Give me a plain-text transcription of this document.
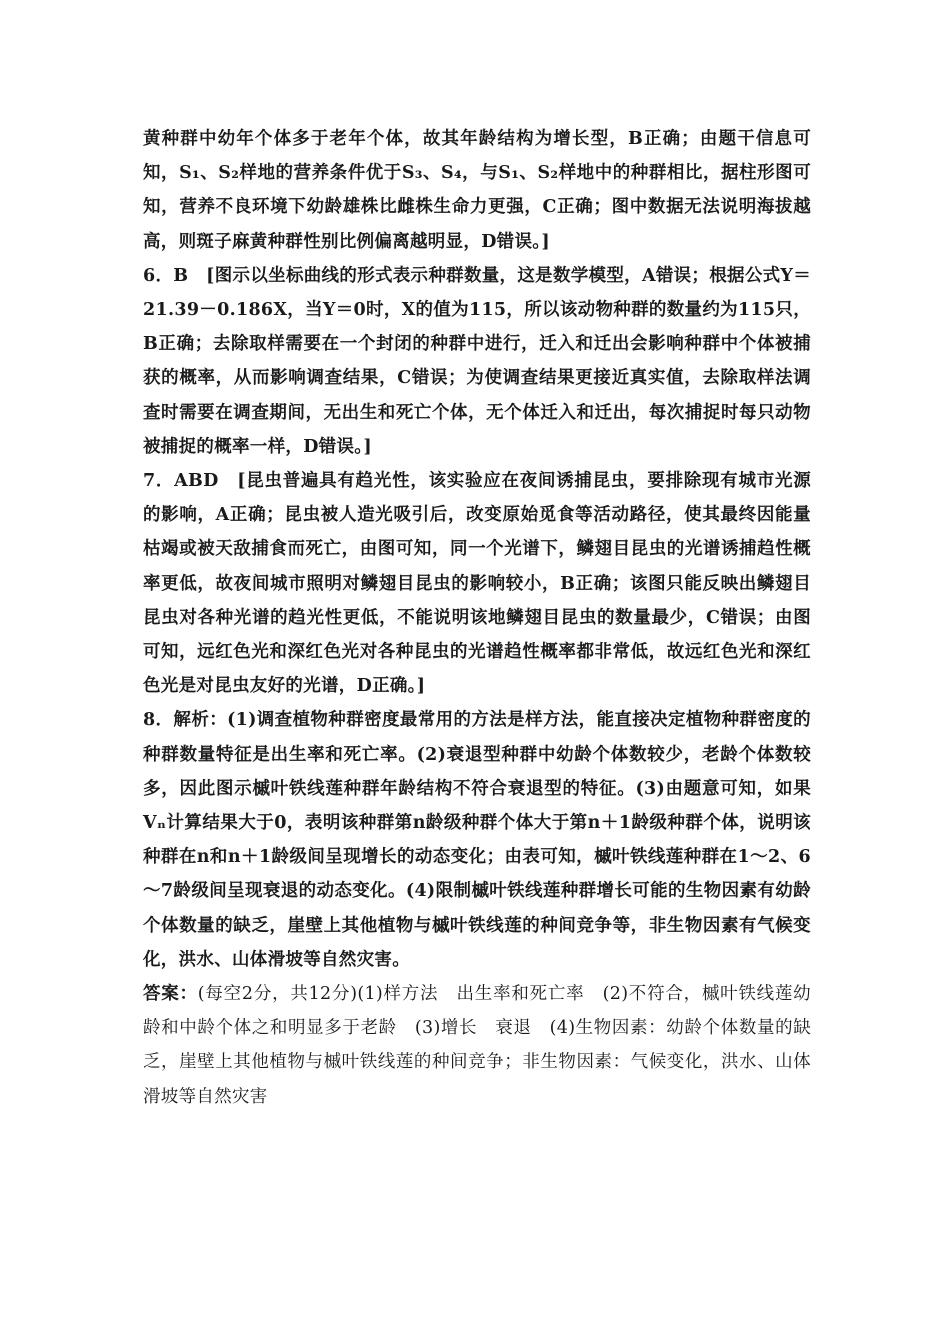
黄种群中幼年个体多于老年个体，故其年龄结构为增长型，B正确；由题干信息可知，S₁、S₂样地的营养条件优于S₃、S₄，与S₁、S₂样地中的种群相比，据柱形图可知，营养不良环境下幼龄雄株比雌株生命力更强，C正确；图中数据无法说明海拔越高，则斑子麻黄种群性别比例偏离越明显，D错误。]

6．B　[图示以坐标曲线的形式表示种群数量，这是数学模型，A错误；根据公式Y＝21.39－0.186X，当Y＝0时，X的值为115，所以该动物种群的数量约为115只，B正确；去除取样需要在一个封闭的种群中进行，迁入和迁出会影响种群中个体被捕获的概率，从而影响调查结果，C错误；为使调查结果更接近真实值，去除取样法调查时需要在调查期间，无出生和死亡个体，无个体迁入和迁出，每次捕捉时每只动物被捕捉的概率一样，D错误。]

7．ABD　[昆虫普遍具有趋光性，该实验应在夜间诱捕昆虫，要排除现有城市光源的影响，A正确；昆虫被人造光吸引后，改变原始觅食等活动路径，使其最终因能量枯竭或被天敌捕食而死亡，由图可知，同一个光谱下，鳞翅目昆虫的光谱诱捕趋性概率更低，故夜间城市照明对鳞翅目昆虫的影响较小，B正确；该图只能反映出鳞翅目昆虫对各种光谱的趋光性更低，不能说明该地鳞翅目昆虫的数量最少，C错误；由图可知，远红色光和深红色光对各种昆虫的光谱趋性概率都非常低，故远红色光和深红色光是对昆虫友好的光谱，D正确。]

8．解析：(1)调查植物种群密度最常用的方法是样方法，能直接决定植物种群密度的种群数量特征是出生率和死亡率。(2)衰退型种群中幼龄个体数较少，老龄个体数较多，因此图示槭叶铁线莲种群年龄结构不符合衰退型的特征。(3)由题意可知，如果Vₙ计算结果大于0，表明该种群第n龄级种群个体大于第n＋1龄级种群个体，说明该种群在n和n＋1龄级间呈现增长的动态变化；由表可知，槭叶铁线莲种群在1～2、6～7龄级间呈现衰退的动态变化。(4)限制槭叶铁线莲种群增长可能的生物因素有幼龄个体数量的缺乏，崖壁上其他植物与槭叶铁线莲的种间竞争等，非生物因素有气候变化，洪水、山体滑坡等自然灾害。

答案：(每空2分，共12分)(1)样方法　出生率和死亡率　(2)不符合，槭叶铁线莲幼龄和中龄个体之和明显多于老龄　(3)增长　衰退　(4)生物因素：幼龄个体数量的缺乏，崖壁上其他植物与槭叶铁线莲的种间竞争；非生物因素：气候变化，洪水、山体滑坡等自然灾害
